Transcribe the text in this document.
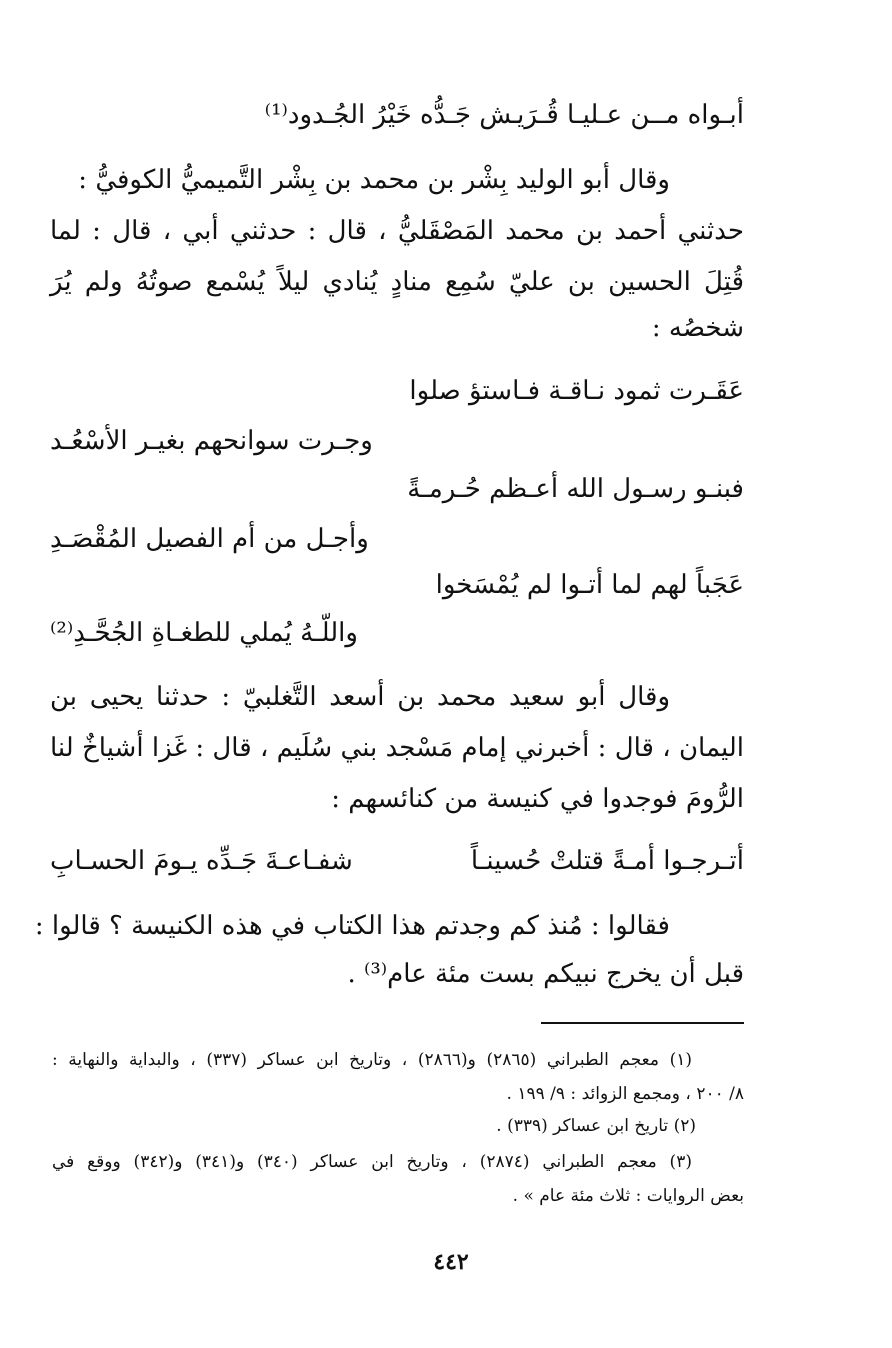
أبـواه مــن عـليـا قُـرَيـ
ـش جَـدُّه خَيْرُ الجُـدود⁽¹⁾
وقال أبو الوليد بِشْر بن محمد بن بِشْر التَّميميُّ الكوفيُّ :
حدثني أحمد بن محمد المَصْقَليُّ ، قال : حدثني أبي ، قال : لما
قُتِلَ الحسين بن عليّ سُمِع منادٍ يُنادي ليلاً يُسْمع صوتُهُ ولم يُرَ
شخصُه :
عَقَـرت ثمود نـاقـة فـاستؤ صلوا
وجـرت سوانحهم بغيـر الأسْعُـد
فبنـو رسـول الله أعـظم حُـرمـةً
وأجـل من أم الفصيل المُقْصَـدِ
عَجَباً لهم لما أتـوا لم يُمْسَخوا
واللّـهُ يُملي للطغـاةِ الجُحَّـدِ⁽²⁾
وقال أبو سعيد محمد بن أسعد التَّغلبيّ : حدثنا يحيى بن
اليمان ، قال : أخبرني إمام مَسْجد بني سُلَيم ، قال : غَزا أشياخٌ لنا
الرُّومَ فوجدوا في كنيسة من كنائسهم :
أتـرجـوا أمـةً قتلتْ حُسينـاً
شفـاعـةَ جَـدِّه يـومَ الحسـابِ
فقالوا : مُنذ كم وجدتم هذا الكتاب في هذه الكنيسة ؟ قالوا :
قبل أن يخرج نبيكم بست مئة عام⁽³⁾ .
(١) معجم الطبراني (٢٨٦٥) و(٢٨٦٦) ، وتاريخ ابن عساكر (٣٣٧) ، والبداية والنهاية :
٨/ ٢٠٠ ، ومجمع الزوائد : ٩/ ١٩٩ .
(٢) تاريخ ابن عساكر (٣٣٩) .
(٣) معجم الطبراني (٢٨٧٤) ، وتاريخ ابن عساكر (٣٤٠) و(٣٤١) و(٣٤٢) ووقع في
بعض الروايات : ثلاث مئة عام » .
٤٤٢
